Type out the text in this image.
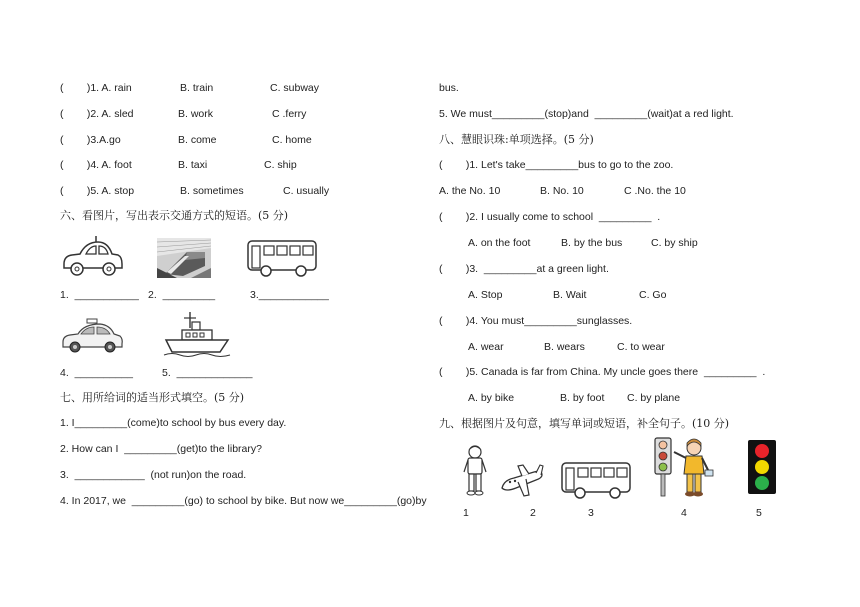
(        )1. A. rain	B. train	C. subway
(        )2. A. sled	B. work	C .ferry
(        )3.A.go	B. come	C. home
(        )4. A. foot	B. taxi	C. ship
(        )5. A. stop	B. sometimes	C. usually
六、看图片，写出表示交通方式的短语。(5 分)
1.  ___________ 2.  _________	3.____________
4.  __________	5.  _____________
七、用所给词的适当形式填空。(5 分)
1. I_________(come)to school by bus every day.
2. How can I  _________(get)to the library?
3.  ____________  (not run)on the road.
4. In 2017, we  _________(go) to school by bike. But now we_________(go)by
bus.
5. We must_________(stop)and  _________(wait)at a red light.
八、慧眼识珠:单项选择。(5 分)
(        )1. Let's take_________bus to go to the zoo.
A. the No. 10	B. No. 10	C .No. the 10
(        )2. I usually come to school  _________  .
A. on the foot	B. by the bus	C. by ship
(        )3.  _________at a green light.
A. Stop	B. Wait	C. Go
(        )4. You must_________sunglasses.
A. wear	B. wears	C. to wear
(        )5. Canada is far from China. My uncle goes there  _________  .
A. by bike	B. by foot C. by plane
九、根据图片及句意，填写单词或短语，补全句子。(10 分)
1	2	3	4	5
